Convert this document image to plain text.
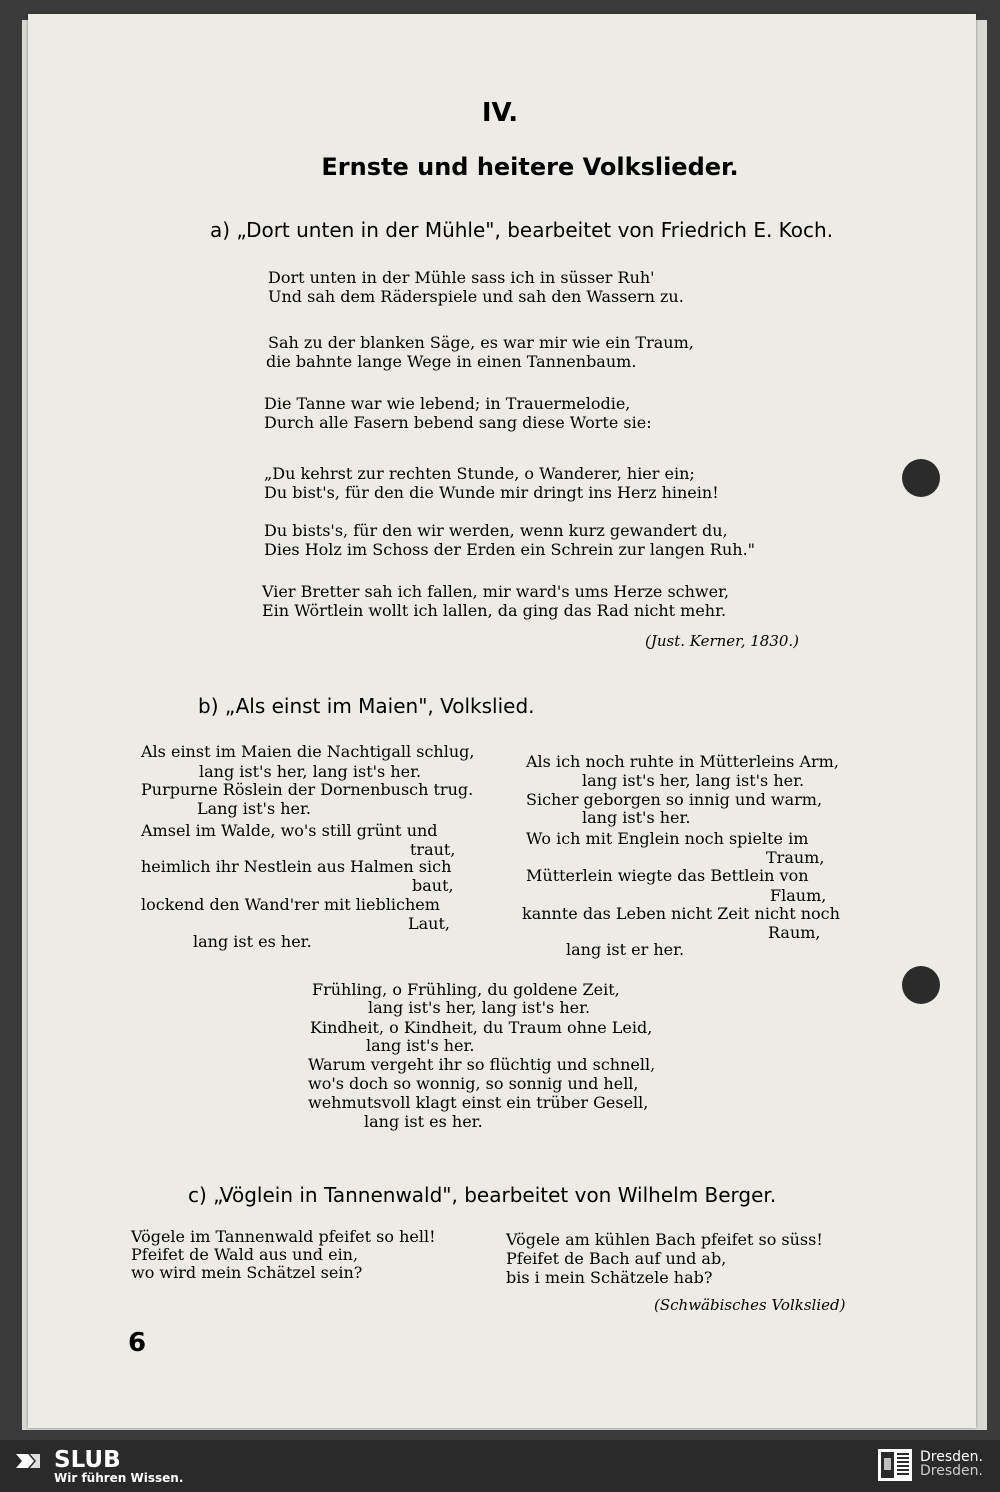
IV.
Ernste und heitere Volkslieder.
a) „Dort unten in der Mühle", bearbeitet von Friedrich E. Koch.
Dort unten in der Mühle sass ich in süsser Ruh'
Und sah dem Räderspiele und sah den Wassern zu.
Sah zu der blanken Säge, es war mir wie ein Traum,
die bahnte lange Wege in einen Tannenbaum.
Die Tanne war wie lebend; in Trauermelodie,
Durch alle Fasern bebend sang diese Worte sie:
„Du kehrst zur rechten Stunde, o Wanderer, hier ein;
Du bist's, für den die Wunde mir dringt ins Herz hinein!
Du bists's, für den wir werden, wenn kurz gewandert du,
Dies Holz im Schoss der Erden ein Schrein zur langen Ruh."
Vier Bretter sah ich fallen, mir ward's ums Herze schwer,
Ein Wörtlein wollt ich lallen, da ging das Rad nicht mehr.
(Just. Kerner, 1830.)
b) „Als einst im Maien", Volkslied.
Als einst im Maien die Nachtigall schlug,
lang ist's her, lang ist's her.
Purpurne Röslein der Dornenbusch trug.
Lang ist's her.
Amsel im Walde, wo's still grünt und
traut,
heimlich ihr Nestlein aus Halmen sich
baut,
lockend den Wand'rer mit lieblichem
Laut,
lang ist es her.
Als ich noch ruhte in Mütterleins Arm,
lang ist's her, lang ist's her.
Sicher geborgen so innig und warm,
lang ist's her.
Wo ich mit Englein noch spielte im
Traum,
Mütterlein wiegte das Bettlein von
Flaum,
kannte das Leben nicht Zeit nicht noch
Raum,
lang ist er her.
Frühling, o Frühling, du goldene Zeit,
lang ist's her, lang ist's her.
Kindheit, o Kindheit, du Traum ohne Leid,
lang ist's her.
Warum vergeht ihr so flüchtig und schnell,
wo's doch so wonnig, so sonnig und hell,
wehmutsvoll klagt einst ein trüber Gesell,
lang ist es her.
c) „Vöglein in Tannenwald", bearbeitet von Wilhelm Berger.
Vögele im Tannenwald pfeifet so hell!
Pfeifet de Wald aus und ein,
wo wird mein Schätzel sein?
Vögele am kühlen Bach pfeifet so süss!
Pfeifet de Bach auf und ab,
bis i mein Schätzele hab?
(Schwäbisches Volkslied)
6
SLUB
Wir führen Wissen.
Dresden.
Dresden.
